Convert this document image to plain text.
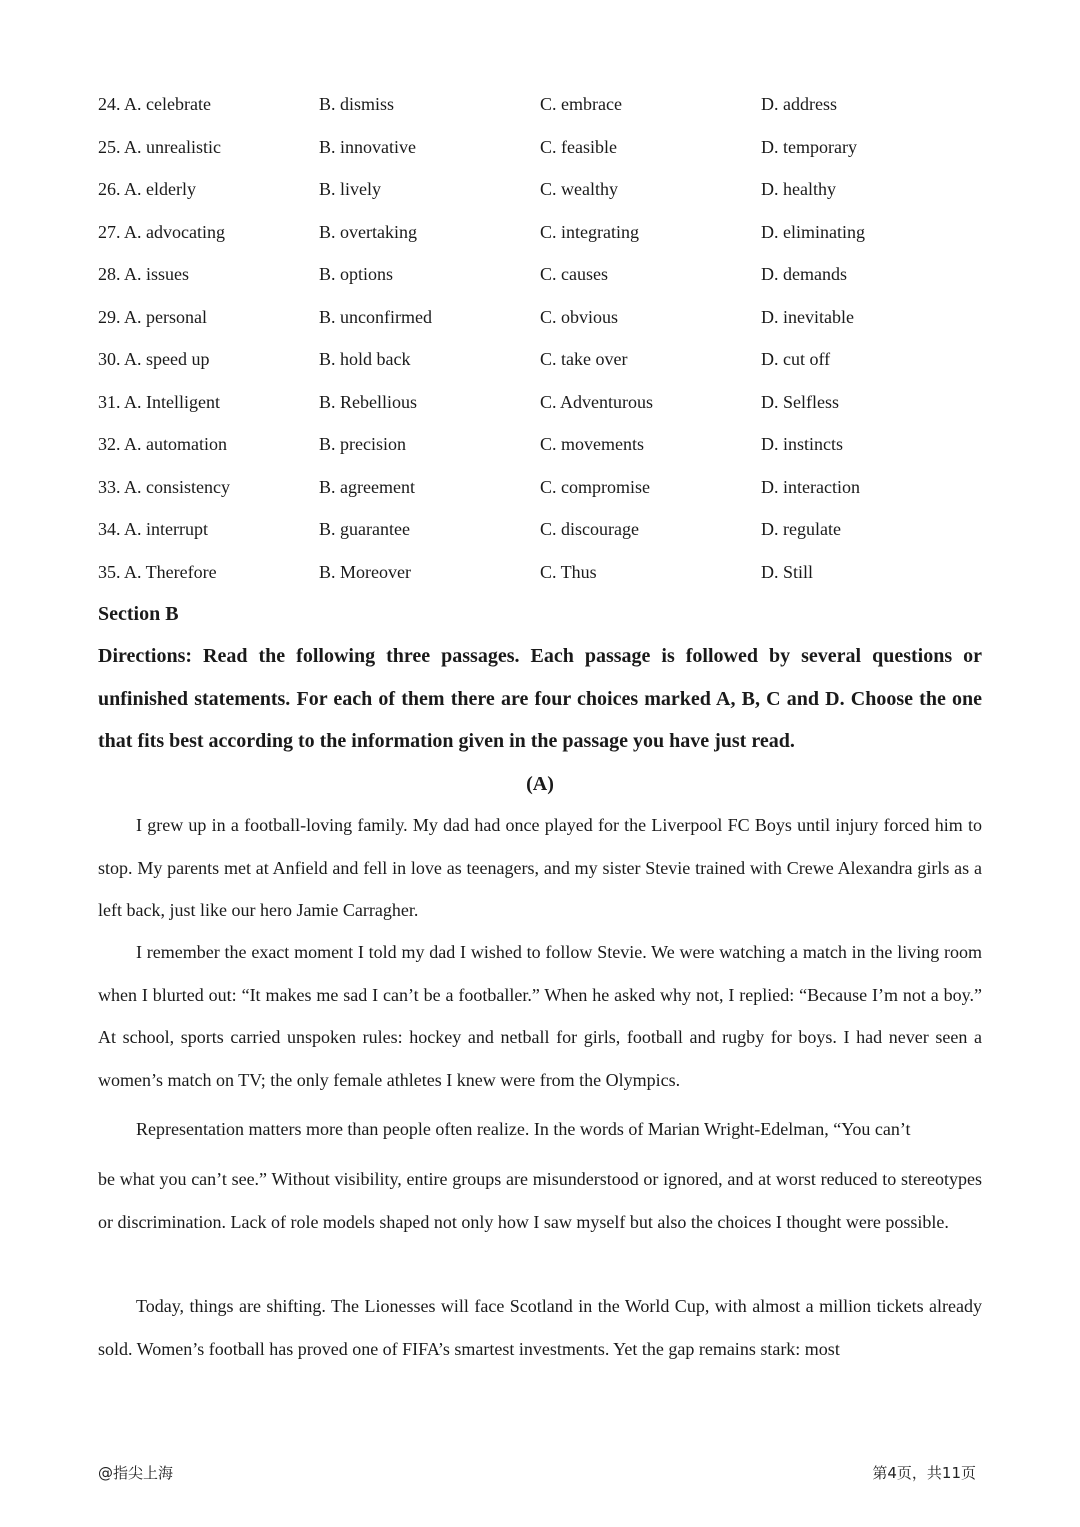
24. A. celebrate	B. dismiss	C. embrace	D. address
25. A. unrealistic	B. innovative	C. feasible	D. temporary
26. A. elderly	B. lively	C. wealthy	D. healthy
27. A. advocating	B. overtaking	C. integrating	D. eliminating
28. A. issues	B. options	C. causes	D. demands
29. A. personal	B. unconfirmed	C. obvious	D. inevitable
30. A. speed up	B. hold back	C. take over	D. cut off
31. A. Intelligent	B. Rebellious	C. Adventurous	D. Selfless
32. A. automation	B. precision	C. movements	D. instincts
33. A. consistency	B. agreement	C. compromise	D. interaction
34. A. interrupt	B. guarantee	C. discourage	D. regulate
35. A. Therefore	B. Moreover	C. Thus	D. Still
Section B

Directions: Read the following three passages. Each passage is followed by several questions or unfinished statements. For each of them there are four choices marked A, B, C and D. Choose the one that fits best according to the information given in the passage you have just read.

(A)

I grew up in a football-loving family. My dad had once played for the Liverpool FC Boys until injury forced him to stop. My parents met at Anfield and fell in love as teenagers, and my sister Stevie trained with Crewe Alexandra girls as a left back, just like our hero Jamie Carragher.

I remember the exact moment I told my dad I wished to follow Stevie. We were watching a match in the living room when I blurted out: “It makes me sad I can’t be a footballer.” When he asked why not, I replied: “Because I’m not a boy.” At school, sports carried unspoken rules: hockey and netball for girls, football and rugby for boys. I had never seen a women’s match on TV; the only female athletes I knew were from the Olympics.

Representation matters more than people often realize. In the words of Marian Wright-Edelman, “You can’t

be what you can’t see.” Without visibility, entire groups are misunderstood or ignored, and at worst reduced to stereotypes or discrimination. Lack of role models shaped not only how I saw myself but also the choices I thought were possible.

Today, things are shifting. The Lionesses will face Scotland in the World Cup, with almost a million tickets already sold. Women’s football has proved one of FIFA’s smartest investments. Yet the gap remains stark: most

@指尖上海	第4页，共11页
